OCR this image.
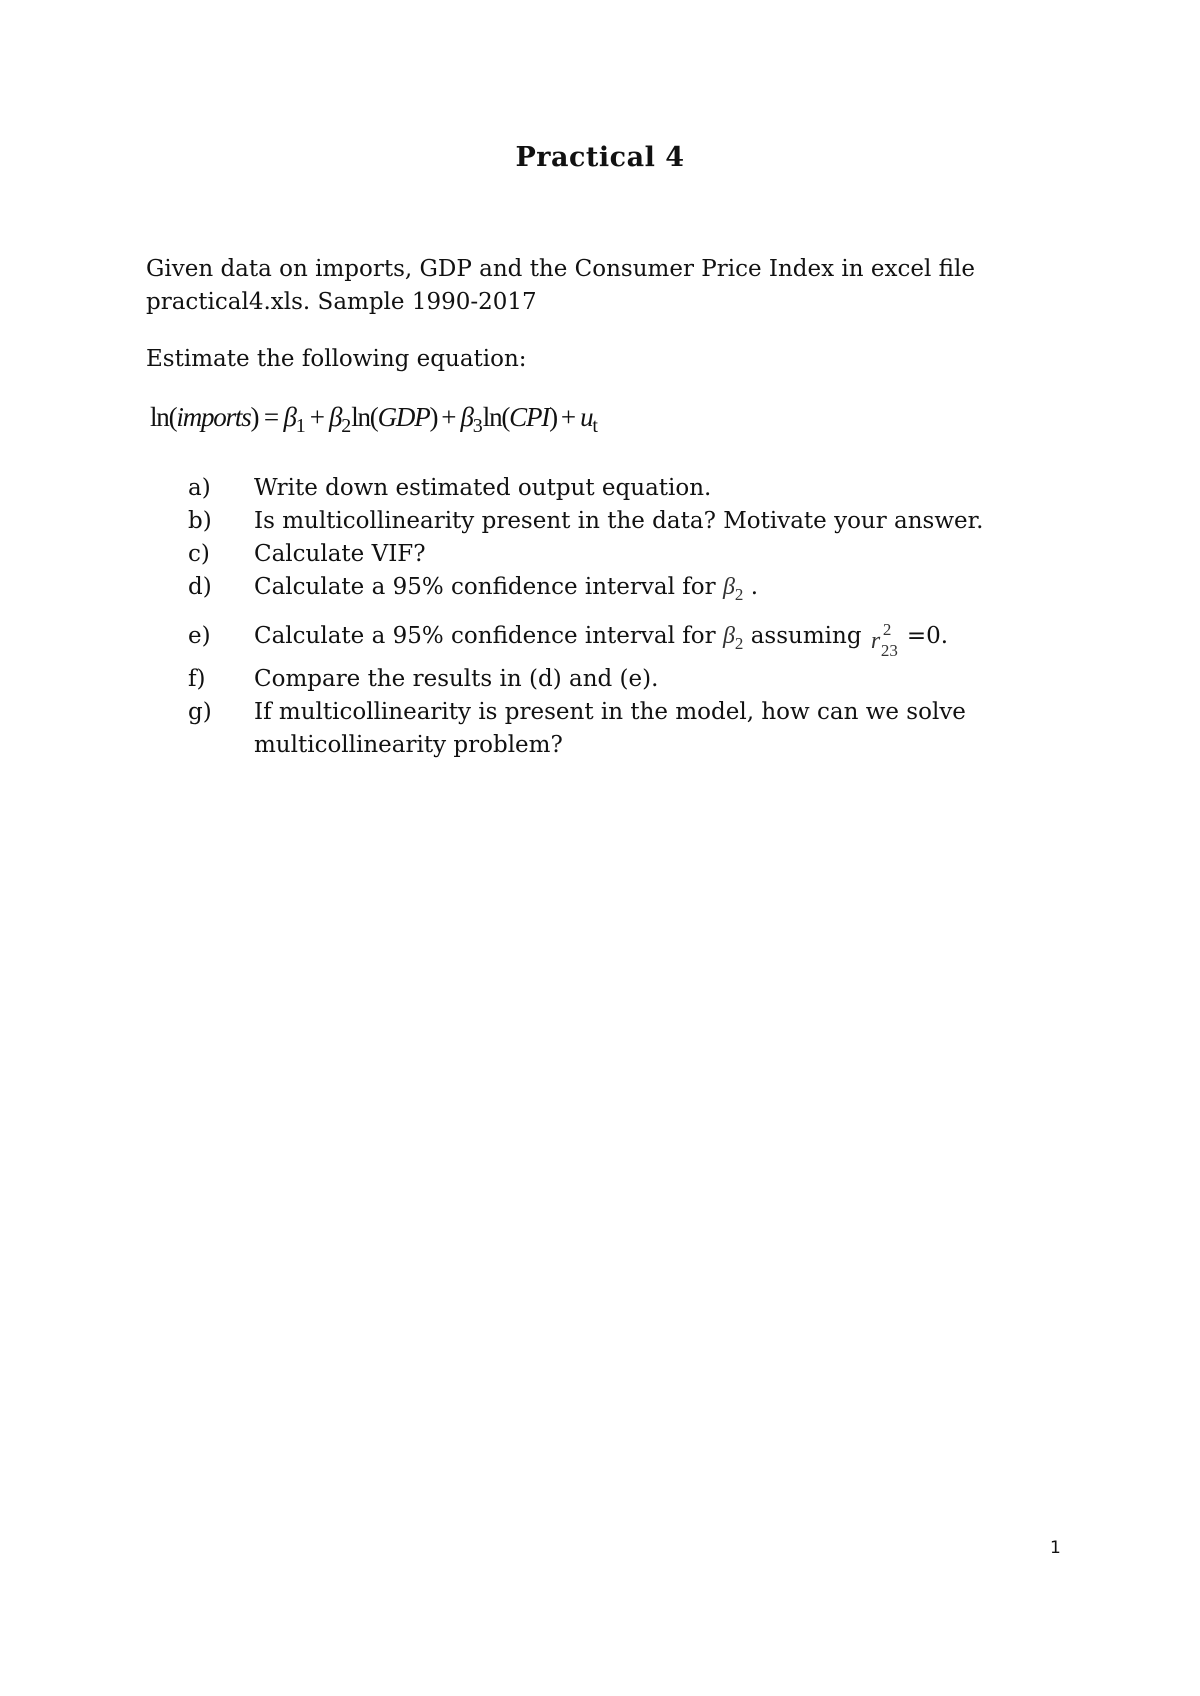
Practical 4

Given data on imports, GDP and the Consumer Price Index in excel file practical4.xls. Sample 1990-2017

Estimate the following equation:

ln(imports) = $\beta_1 + \beta_2\ln(GDP) + \beta_3\ln(CPI) + u_t$
a) Write down estimated output equation.
b) Is multicollinearity present in the data? Motivate your answer.
c) Calculate VIF?
d) Calculate a 95% confidence interval for $\beta_2$ .
e) Calculate a 95% confidence interval for $\beta_2$ assuming r 2
23
=0.
f) Compare the results in (d) and (e).
g) If multicollinearity is present in the model, how can we solve multicollinearity problem?

1
